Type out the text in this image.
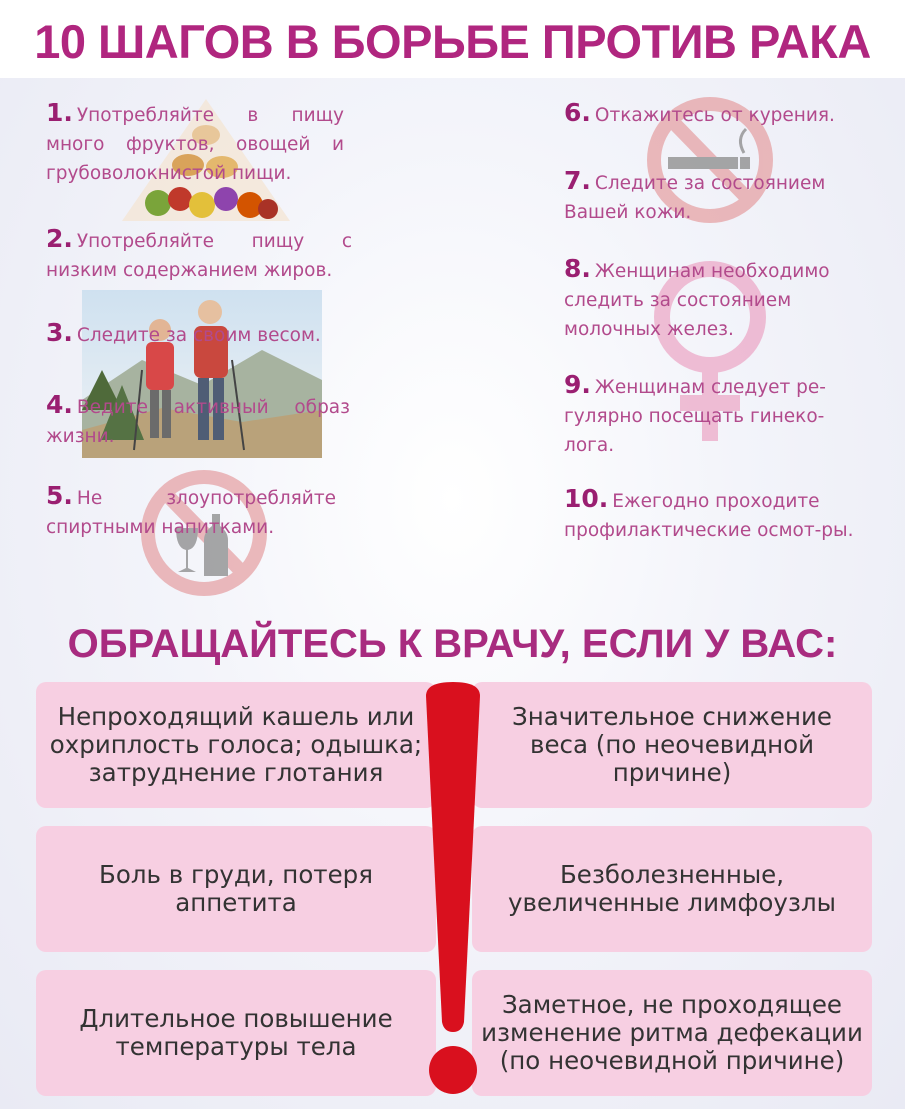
10 ШАГОВ В БОРЬБЕ ПРОТИВ РАКА

1. Употребляйте в пищу много фруктов, овощей и грубоволокнистой пищи.

2. Употребляйте пищу с низким содержанием жиров.

3. Следите за своим весом.

4. Ведите активный образ жизни.

5. Не злоупотребляйте спиртными напитками.

6. Откажитесь от курения.

7. Следите за состоянием Вашей кожи.

8. Женщинам необходимо следить за состоянием молочных желез.

9. Женщинам следует ре-гулярно посещать гинеко-лога.

10. Ежегодно проходите профилактические осмот-ры.

ОБРАЩАЙТЕСЬ К ВРАЧУ, ЕСЛИ У ВАС:
Непроходящий кашель или охриплость голоса; одышка; затруднение глотания
Боль в груди, потеря аппетита
Длительное повышение температуры тела
Значительное снижение веса (по неочевидной причине)
Безболезненные, увеличенные лимфоузлы
Заметное, не проходящее изменение ритма дефекации (по неочевидной причине)
